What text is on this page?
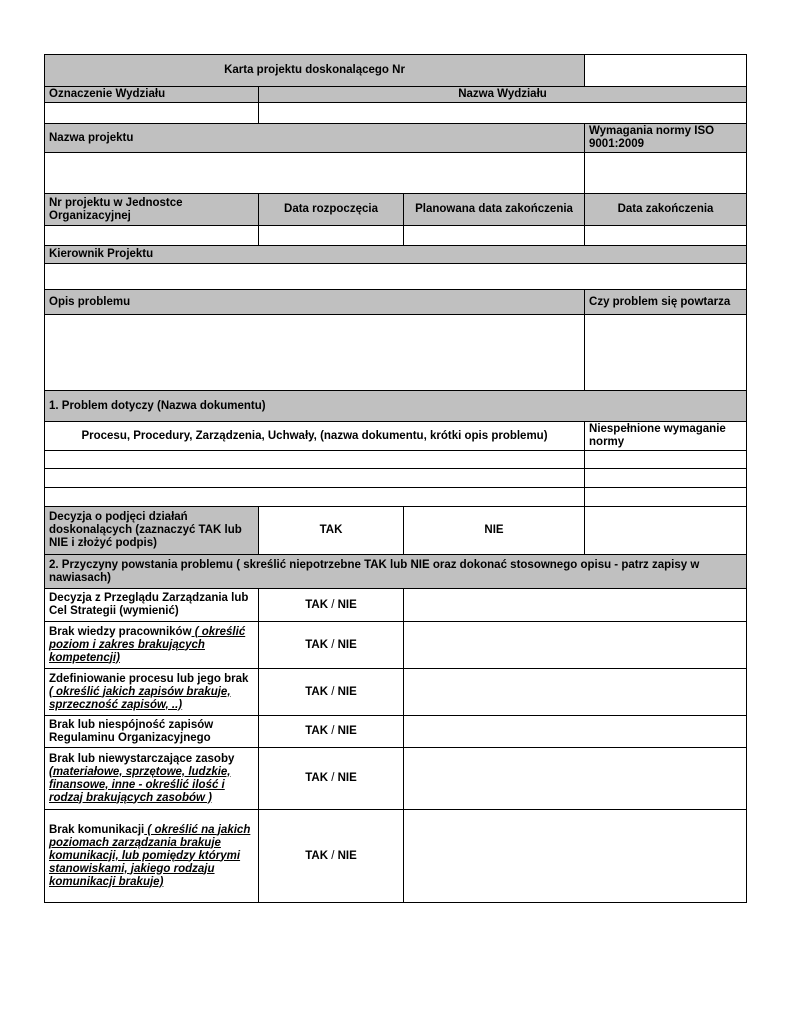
Karta projektu doskonalącego Nr			
Oznaczenie Wydziału	Nazwa Wydziału		

Nazwa projektu			Wymagania normy ISO 9001:2009

Nr projektu w Jednostce Organizacyjnej	Data rozpoczęcia	Planowana data zakończenia	Data zakończenia

Kierownik Projektu			

Opis problemu			Czy problem się powtarza

1. Problem dotyczy (Nazwa dokumentu)			
Procesu, Procedury, Zarządzenia, Uchwały, (nazwa dokumentu, krótki opis problemu)			Niespełnione wymaganie normy

Decyzja o podjęci działań doskonalących (zaznaczyć TAK lub NIE i złożyć podpis)	TAK	NIE	
2. Przyczyny powstania problemu ( skreślić niepotrzebne TAK lub NIE oraz dokonać stosownego opisu - patrz zapisy w nawiasach)			
Decyzja z Przeglądu Zarządzania lub Cel Strategii (wymienić)	TAK / NIE		
Brak wiedzy pracowników ( określić poziom i zakres brakujących kompetencji)	TAK / NIE		
Zdefiniowanie procesu lub jego brak ( określić jakich zapisów brakuje, sprzeczność zapisów, ..)	TAK / NIE		
Brak lub niespójność zapisów Regulaminu Organizacyjnego	TAK / NIE		
Brak lub niewystarczające zasoby (materiałowe, sprzętowe, ludzkie, finansowe, inne - określić ilość i rodzaj brakujących zasobów )	TAK / NIE		
Brak komunikacji ( określić na jakich poziomach zarządzania brakuje komunikacji, lub pomiędzy którymi stanowiskami, jakiego rodzaju komunikacji brakuje)	TAK / NIE		
